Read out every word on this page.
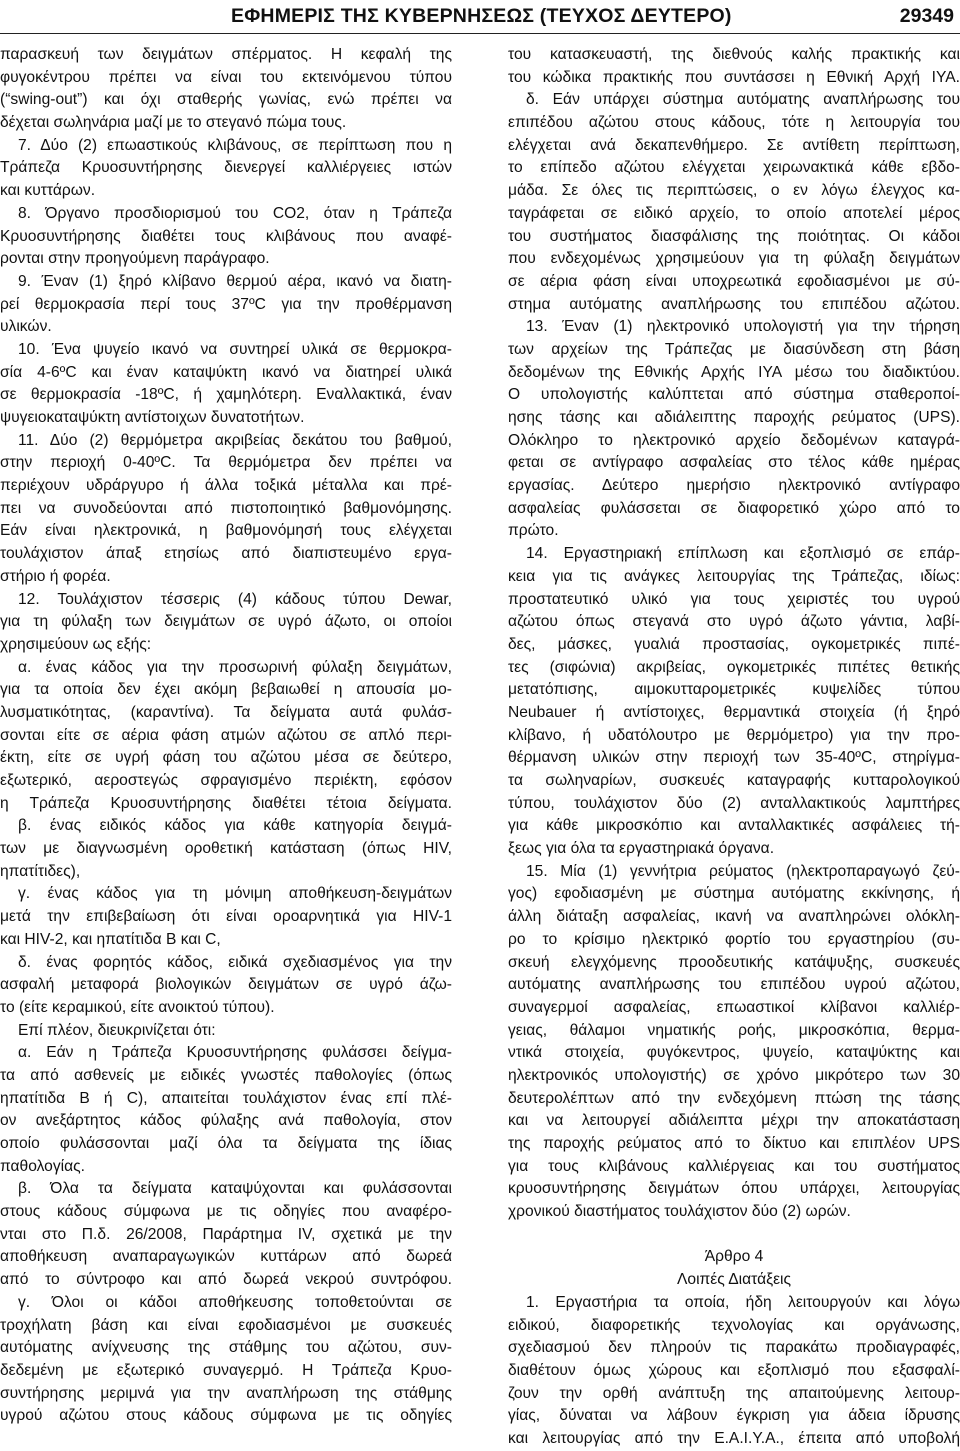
ΕΦΗΜΕΡΙΣ ΤΗΣ ΚΥΒΕΡΝΗΣΕΩΣ (ΤΕΥΧΟΣ ΔΕΥΤΕΡΟ)	29349
παρασκευή των δειγμάτων σπέρματος. Η κεφαλή της
φυγοκέντρου πρέπει να είναι του εκτεινόμενου τύπου
(“swing-out”) και όχι σταθερής γωνίας, ενώ πρέπει να
δέχεται σωληνάρια μαζί με το στεγανό πώμα τους.
7. Δύο (2) επωαστικούς κλιβάνους, σε περίπτωση που η
Τράπεζα Κρυοσυντήρησης διενεργεί καλλιέργειες ιστών
και κυττάρων.
8. Όργανο προσδιορισμού του CO2, όταν η Τράπεζα
Κρυοσυντήρησης διαθέτει τους κλιβάνους που αναφέ-
ρονται στην προηγούμενη παράγραφο.
9. Έναν (1) ξηρό κλίβανο θερμού αέρα, ικανό να διατη-
ρεί θερμοκρασία περί τους 37ºC για την προθέρμανση
υλικών.
10. Ένα ψυγείο ικανό να συντηρεί υλικά σε θερμοκρα-
σία 4-6ºC και έναν καταψύκτη ικανό να διατηρεί υλικά
σε θερμοκρασία -18ºC, ή χαμηλότερη. Εναλλακτικά, έναν
ψυγειοκαταψύκτη αντίστοιχων δυνατοτήτων.
11. Δύο (2) θερμόμετρα ακριβείας δεκάτου του βαθμού,
στην περιοχή 0-40ºC. Τα θερμόμετρα δεν πρέπει να
περιέχουν υδράργυρο ή άλλα τοξικά μέταλλα και πρέ-
πει να συνοδεύονται από πιστοποιητικό βαθμονόμησης.
Εάν είναι ηλεκτρονικά, η βαθμονόμησή τους ελέγχεται
τουλάχιστον άπαξ ετησίως από διαπιστευμένο εργα-
στήριο ή φορέα.
12. Τουλάχιστον τέσσερις (4) κάδους τύπου Dewar,
για τη φύλαξη των δειγμάτων σε υγρό άζωτο, οι οποίοι
χρησιμεύουν ως εξής:
α. ένας κάδος για την προσωρινή φύλαξη δειγμάτων,
για τα οποία δεν έχει ακόμη βεβαιωθεί η απουσία μο-
λυσματικότητας, (καραντίνα). Τα δείγματα αυτά φυλάσ-
σονται είτε σε αέρια φάση ατμών αζώτου σε απλό περι-
έκτη, είτε σε υγρή φάση του αζώτου μέσα σε δεύτερο,
εξωτερικό, αεροστεγώς σφραγισμένο περιέκτη, εφόσον
η Τράπεζα Κρυοσυντήρησης διαθέτει τέτοια δείγματα.
β. ένας ειδικός κάδος για κάθε κατηγορία δειγμά-
των με διαγνωσμένη οροθετική κατάσταση (όπως HIV,
ηπατίτιδες),
γ. ένας κάδος για τη μόνιμη αποθήκευση-δειγμάτων
μετά την επιβεβαίωση ότι είναι οροαρνητικά για HIV-1
και HIV-2, και ηπατίτιδα Β και C,
δ. ένας φορητός κάδος, ειδικά σχεδιασμένος για την
ασφαλή μεταφορά βιολογικών δειγμάτων σε υγρό άζω-
το (είτε κεραμικού, είτε ανοικτού τύπου).
Επί πλέον, διευκρινίζεται ότι:
α. Εάν η Τράπεζα Κρυοσυντήρησης φυλάσσει δείγμα-
τα από ασθενείς με ειδικές γνωστές παθολογίες (όπως
ηπατίτιδα Β ή C), απαιτείται τουλάχιστον ένας επί πλέ-
ον ανεξάρτητος κάδος φύλαξης ανά παθολογία, στον
οποίο φυλάσσονται μαζί όλα τα δείγματα της ίδιας
παθολογίας.
β. Όλα τα δείγματα καταψύχονται και φυλάσσονται
στους κάδους σύμφωνα με τις οδηγίες που αναφέρο-
νται στο Π.δ. 26/2008, Παράρτημα IV, σχετικά με την
αποθήκευση αναπαραγωγικών κυττάρων από δωρεά
από το σύντροφο και από δωρεά νεκρού συντρόφου.
γ. Όλοι οι κάδοι αποθήκευσης τοποθετούνται σε
τροχήλατη βάση και είναι εφοδιασμένοι με συσκευές
αυτόματης ανίχνευσης της στάθμης του αζώτου, συν-
δεδεμένη με εξωτερικό συναγερμό. Η Τράπεζα Κρυο-
συντήρησης μεριμνά για την αναπλήρωση της στάθμης
υγρού αζώτου στους κάδους σύμφωνα με τις οδηγίες
του κατασκευαστή, της διεθνούς καλής πρακτικής και
του κώδικα πρακτικής που συντάσσει η Εθνική Αρχή ΙΥΑ.
δ. Εάν υπάρχει σύστημα αυτόματης αναπλήρωσης του
επιπέδου αζώτου στους κάδους, τότε η λειτουργία του
ελέγχεται ανά δεκαπενθήμερο. Σε αντίθετη περίπτωση,
το επίπεδο αζώτου ελέγχεται χειρωνακτικά κάθε εβδο-
μάδα. Σε όλες τις περιπτώσεις, ο εν λόγω έλεγχος κα-
ταγράφεται σε ειδικό αρχείο, το οποίο αποτελεί μέρος
του συστήματος διασφάλισης της ποιότητας. Οι κάδοι
που ενδεχομένως χρησιμεύουν για τη φύλαξη δειγμάτων
σε αέρια φάση είναι υποχρεωτικά εφοδιασμένοι με σύ-
στημα αυτόματης αναπλήρωσης του επιπέδου αζώτου.
13. Έναν (1) ηλεκτρονικό υπολογιστή για την τήρηση
των αρχείων της Τράπεζας με διασύνδεση στη βάση
δεδομένων της Εθνικής Αρχής ΙΥΑ μέσω του διαδικτύου.
Ο υπολογιστής καλύπτεται από σύστημα σταθεροποί-
ησης τάσης και αδιάλειπτης παροχής ρεύματος (UPS).
Ολόκληρο το ηλεκτρονικό αρχείο δεδομένων καταγρά-
φεται σε αντίγραφο ασφαλείας στο τέλος κάθε ημέρας
εργασίας. Δεύτερο ημερήσιο ηλεκτρονικό αντίγραφο
ασφαλείας φυλάσσεται σε διαφορετικό χώρο από το
πρώτο.
14. Εργαστηριακή επίπλωση και εξοπλισμό σε επάρ-
κεια για τις ανάγκες λειτουργίας της Τράπεζας, ιδίως:
προστατευτικό υλικό για τους χειριστές του υγρού
αζώτου όπως στεγανά στο υγρό άζωτο γάντια, λαβί-
δες, μάσκες, γυαλιά προστασίας, ογκομετρικές πιπέ-
τες (σιφώνια) ακριβείας, ογκομετρικές πιπέτες θετικής
μετατόπισης, αιμοκυτταρομετρικές κυψελίδες τύπου
Neubauer ή αντίστοιχες, θερμαντικά στοιχεία (ή ξηρό
κλίβανο, ή υδατόλουτρο με θερμόμετρο) για την προ-
θέρμανση υλικών στην περιοχή των 35-40ºC, στηρίγμα-
τα σωληναρίων, συσκευές καταγραφής κυτταρολογικού
τύπου, τουλάχιστον δύο (2) ανταλλακτικούς λαμπτήρες
για κάθε μικροσκόπιο και ανταλλακτικές ασφάλειες τή-
ξεως για όλα τα εργαστηριακά όργανα.
15. Μία (1) γεννήτρια ρεύματος (ηλεκτροπαραγωγό ζεύ-
γος) εφοδιασμένη με σύστημα αυτόματης εκκίνησης, ή
άλλη διάταξη ασφαλείας, ικανή να αναπληρώνει ολόκλη-
ρο το κρίσιμο ηλεκτρικό φορτίο του εργαστηρίου (συ-
σκευή ελεγχόμενης προοδευτικής κατάψυξης, συσκευές
αυτόματης αναπλήρωσης του επιπέδου υγρού αζώτου,
συναγερμοί ασφαλείας, επωαστικοί κλίβανοι καλλιέρ-
γειας, θάλαμοι νηματικής ροής, μικροσκόπια, θερμα-
ντικά στοιχεία, φυγόκεντρος, ψυγείο, καταψύκτης και
ηλεκτρονικός υπολογιστής) σε χρόνο μικρότερο των 30
δευτερολέπτων από την ενδεχόμενη πτώση της τάσης
και να λειτουργεί αδιάλειπτα μέχρι την αποκατάσταση
της παροχής ρεύματος από το δίκτυο και επιπλέον UPS
για τους κλιβάνους καλλιέργειας και του συστήματος
κρυοσυντήρησης δειγμάτων όπου υπάρχει, λειτουργίας
χρονικού διαστήματος τουλάχιστον δύο (2) ωρών.
Άρθρο 4
Λοιπές Διατάξεις
1. Εργαστήρια τα οποία, ήδη λειτουργούν και λόγω
ειδικού, διαφορετικής τεχνολογίας και οργάνωσης,
σχεδιασμού δεν πληρούν τις παρακάτω προδιαγραφές,
διαθέτουν όμως χώρους και εξοπλισμό που εξασφαλί-
ζουν την ορθή ανάπτυξη της απαιτούμενης λειτουρ-
γίας, δύναται να λάβουν έγκριση για άδεια ίδρυσης
και λειτουργίας από την Ε.Α.Ι.Υ.Α., έπειτα από υποβολή
